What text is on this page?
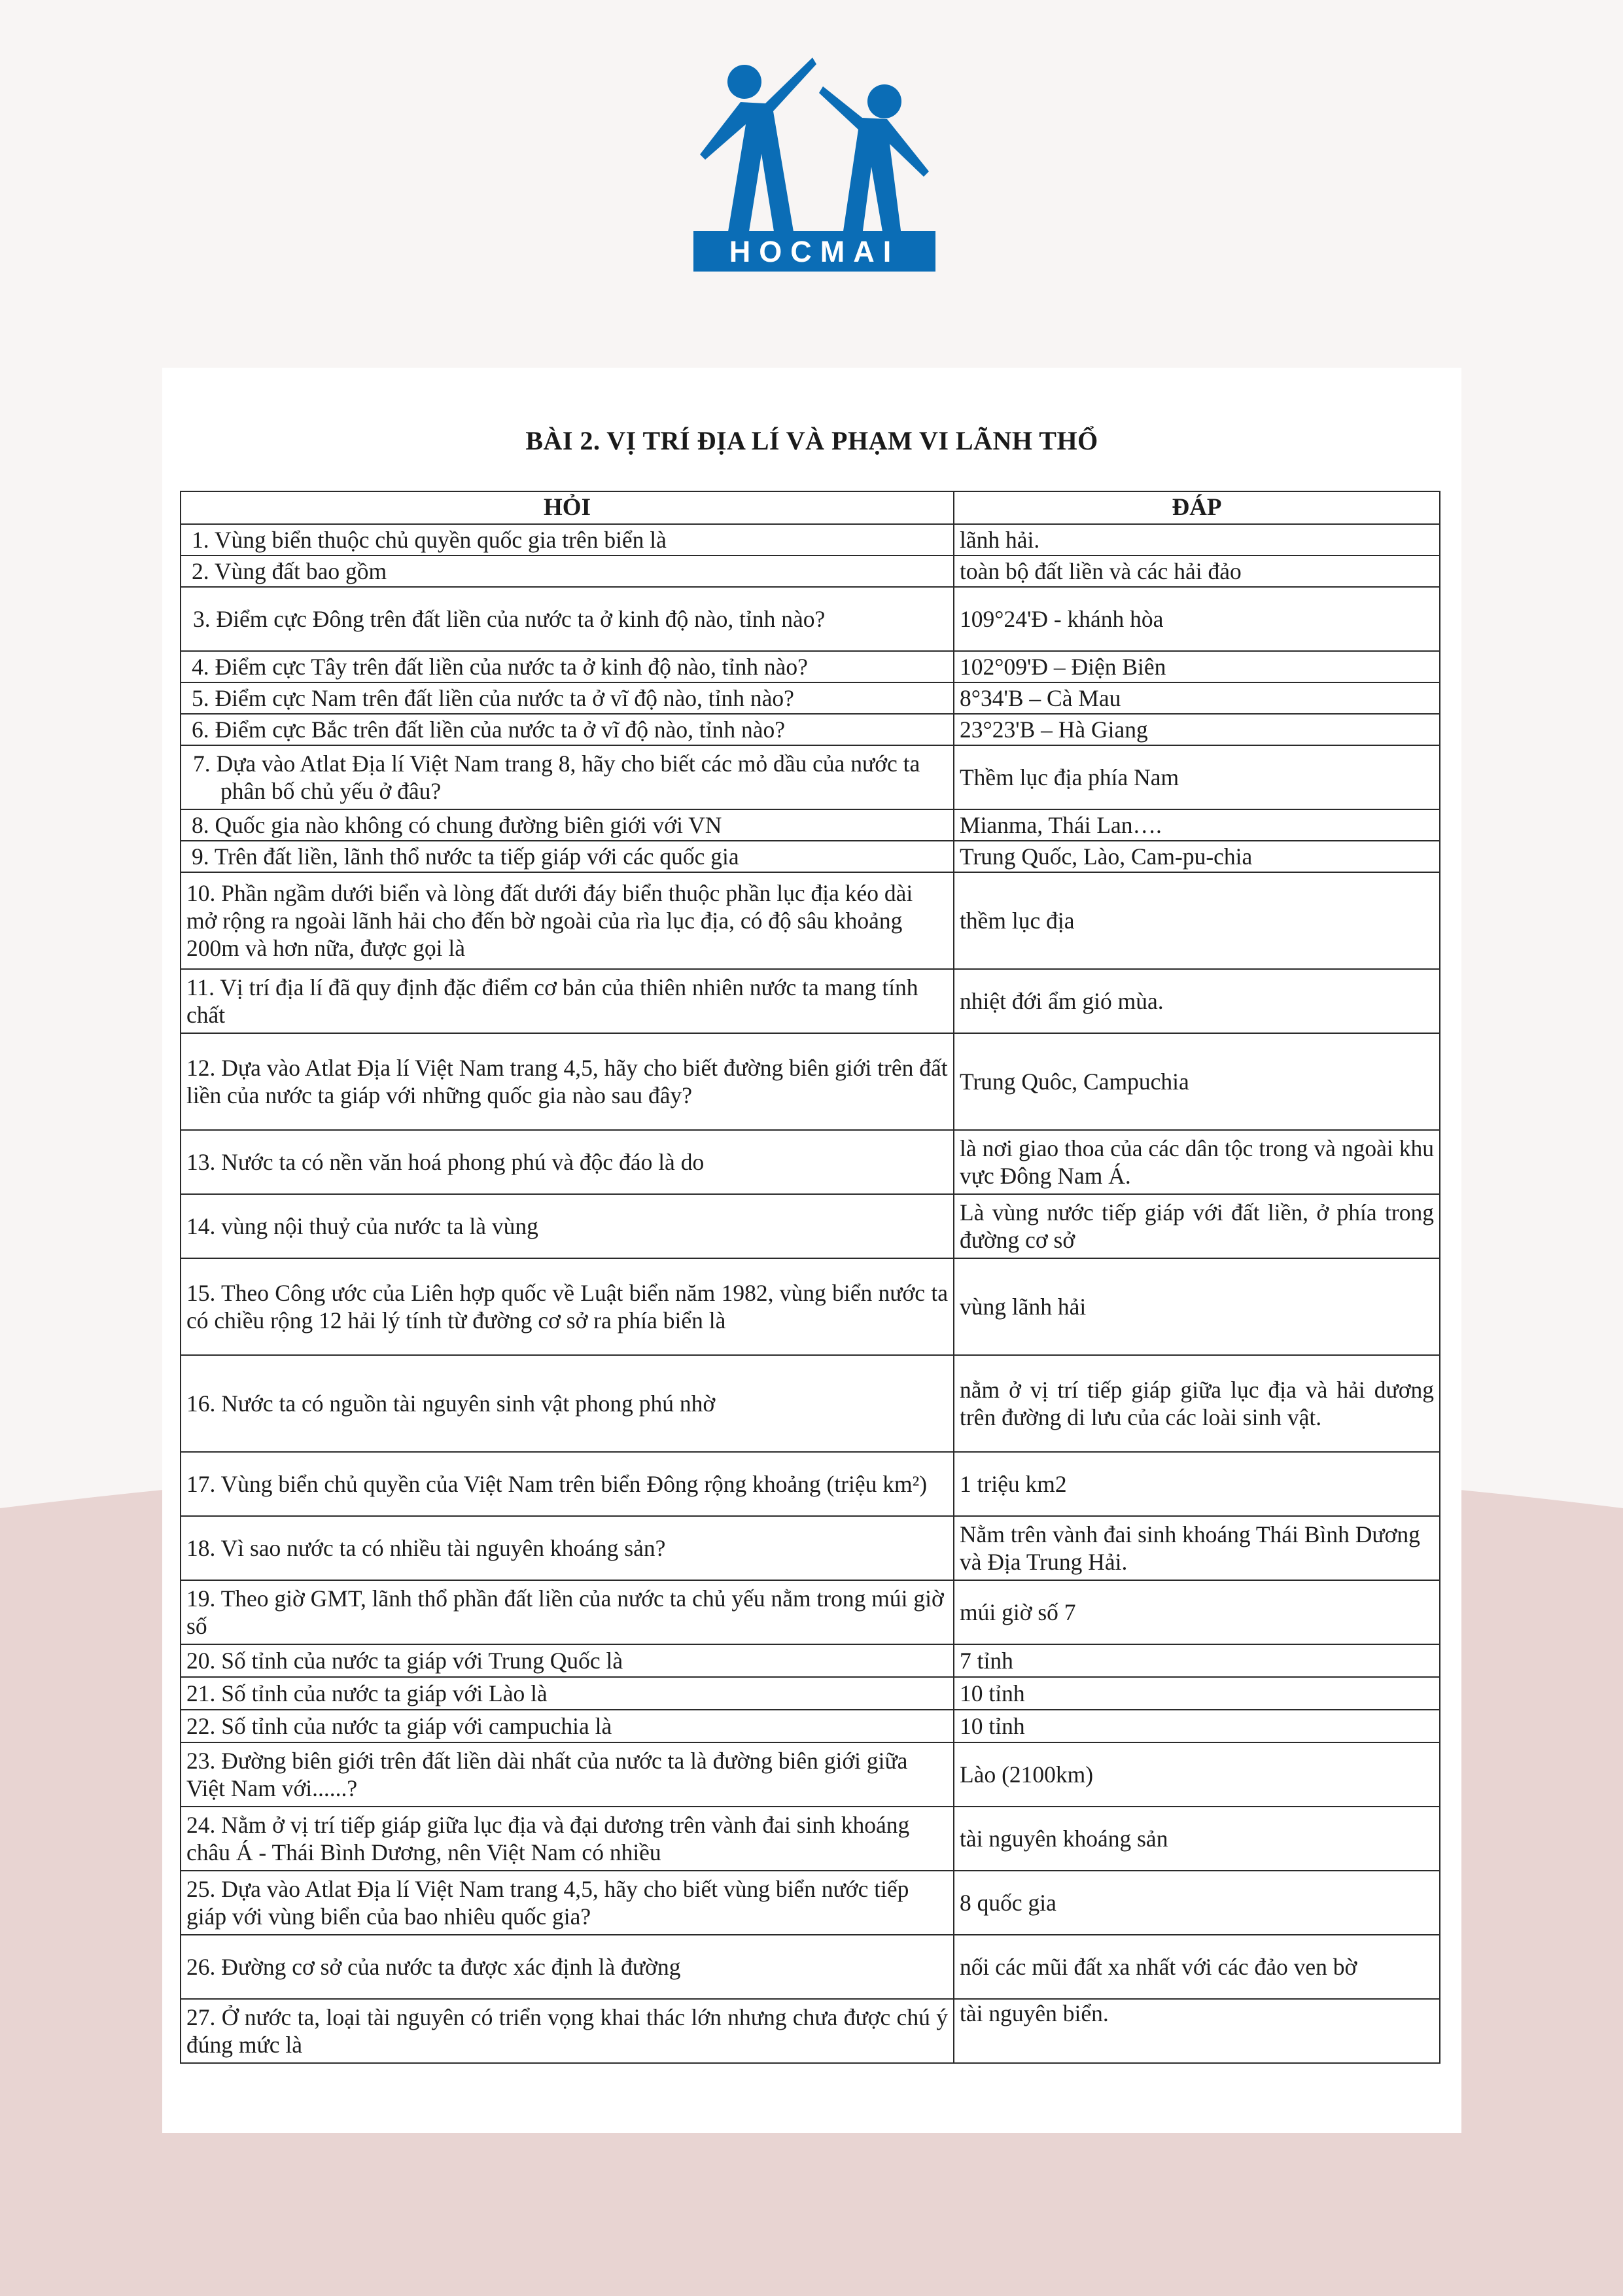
HOCMAI
BÀI 2. VỊ TRÍ ĐỊA LÍ VÀ PHẠM VI LÃNH THỔ
HỎI	ĐÁP
1. Vùng biển thuộc chủ quyền quốc gia trên biển là	lãnh hải.
2. Vùng đất bao gồm	toàn bộ đất liền và các hải đảo
3. Điểm cực Đông trên đất liền của nước ta ở kinh độ nào, tỉnh nào?	109°24'Đ - khánh hòa
4. Điểm cực Tây trên đất liền của nước ta ở kinh độ nào, tỉnh nào?	102°09'Đ – Điện Biên
5. Điểm cực Nam trên đất liền của nước ta ở vĩ độ nào, tỉnh nào?	8°34'B – Cà Mau
6. Điểm cực Bắc trên đất liền của nước ta ở vĩ độ nào, tỉnh nào?	23°23'B – Hà Giang
7. Dựa vào Atlat Địa lí Việt Nam trang 8, hãy cho biết các mỏ dầu của nước ta phân bố chủ yếu ở đâu?	Thềm lục địa phía Nam
8. Quốc gia nào không có chung đường biên giới với VN	Mianma, Thái Lan….
9. Trên đất liền, lãnh thổ nước ta tiếp giáp với các quốc gia	Trung Quốc, Lào, Cam-pu-chia
10. Phần ngầm dưới biển và lòng đất dưới đáy biển thuộc phần lục địa kéo dài mở rộng ra ngoài lãnh hải cho đến bờ ngoài của rìa lục địa, có độ sâu khoảng 200m và hơn nữa, được gọi là	thềm lục địa
11. Vị trí địa lí đã quy định đặc điểm cơ bản của thiên nhiên nước ta mang tính chất	nhiệt đới ẩm gió mùa.
12. Dựa vào Atlat Địa lí Việt Nam trang 4,5, hãy cho biết đường biên giới trên đất liền của nước ta giáp với những quốc gia nào sau đây?	Trung Quôc, Campuchia
13. Nước ta có nền văn hoá phong phú và độc đáo là do	là nơi giao thoa của các dân tộc trong và ngoài khu vực Đông Nam Á.
14. vùng nội thuỷ của nước ta là vùng	Là vùng nước tiếp giáp với đất liền, ở phía trong đường cơ sở
15. Theo Công ước của Liên hợp quốc về Luật biển năm 1982, vùng biển nước ta có chiều rộng 12 hải lý tính từ đường cơ sở ra phía biển là	vùng lãnh hải
16. Nước ta có nguồn tài nguyên sinh vật phong phú nhờ	nằm ở vị trí tiếp giáp giữa lục địa và hải dương trên đường di lưu của các loài sinh vật.
17. Vùng biển chủ quyền của Việt Nam trên biển Đông rộng khoảng (triệu km²)	1 triệu km2
18. Vì sao nước ta có nhiều tài nguyên khoáng sản?	Nằm trên vành đai sinh khoáng Thái Bình Dương và Địa Trung Hải.
19. Theo giờ GMT, lãnh thổ phần đất liền của nước ta chủ yếu nằm trong múi giờ số	múi giờ số 7
20. Số tỉnh của nước ta giáp với Trung Quốc là	7 tỉnh
21. Số tỉnh của nước ta giáp với Lào là	10 tỉnh
22. Số tỉnh của nước ta giáp với campuchia là	10 tỉnh
23. Đường biên giới trên đất liền dài nhất của nước ta là đường biên giới giữa Việt Nam với......?	Lào (2100km)
24. Nằm ở vị trí tiếp giáp giữa lục địa và đại dương trên vành đai sinh khoáng châu Á - Thái Bình Dương, nên Việt Nam có nhiều	tài nguyên khoáng sản
25. Dựa vào Atlat Địa lí Việt Nam trang 4,5, hãy cho biết vùng biển nước tiếp giáp với vùng biển của bao nhiêu quốc gia?	8 quốc gia
26. Đường cơ sở của nước ta được xác định là đường	nối các mũi đất xa nhất với các đảo ven bờ
27. Ở nước ta, loại tài nguyên có triển vọng khai thác lớn nhưng chưa được chú ý đúng mức là	tài nguyên biển.
